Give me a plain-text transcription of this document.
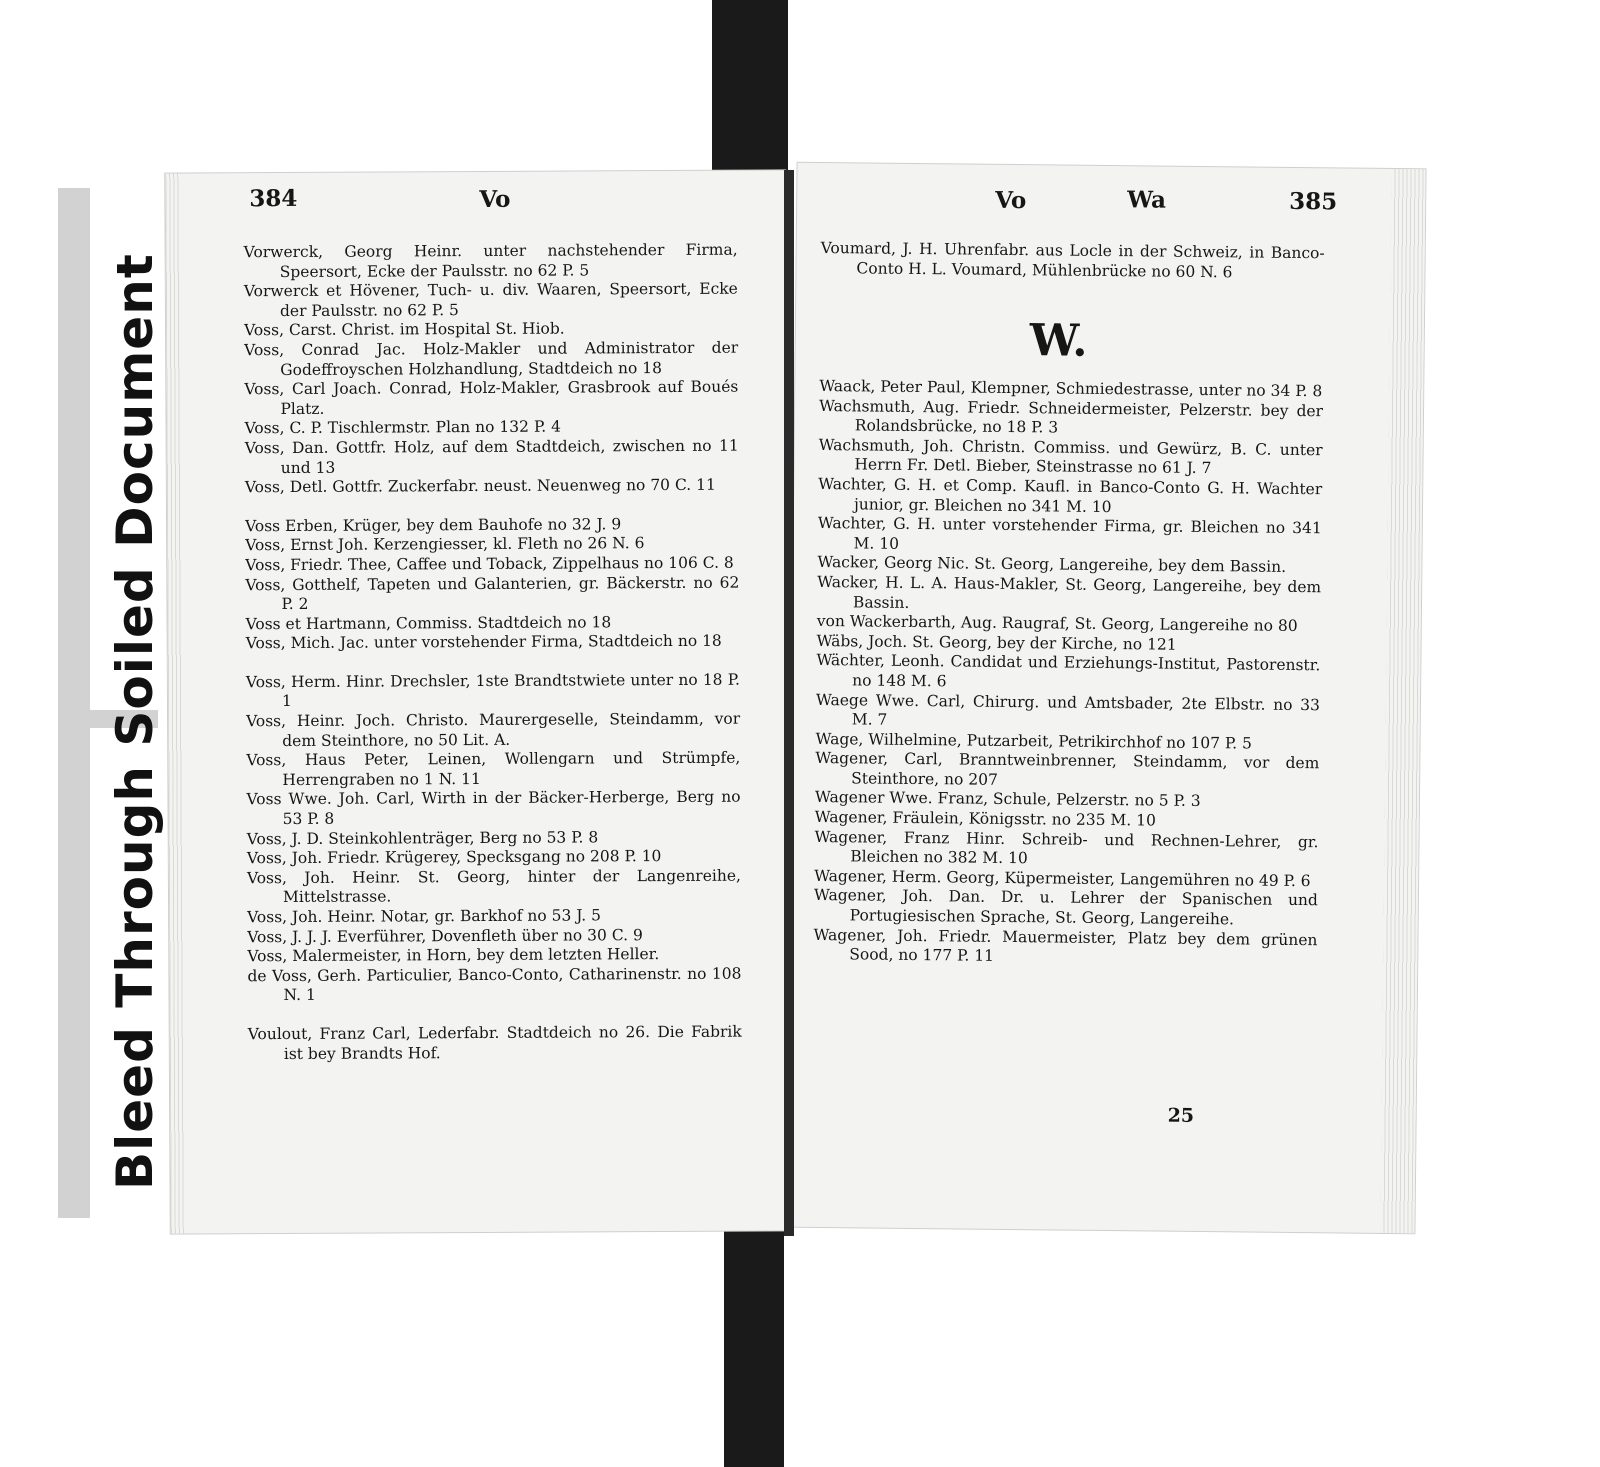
Bleed Through Soiled Document
384	Vo

Vorwerck, Georg Heinr. unter nachstehender Firma, Speersort, Ecke der Paulsstr. no 62 P. 5

Vorwerck et Hövener, Tuch- u. div. Waaren, Speersort, Ecke der Paulsstr. no 62 P. 5

Voss, Carst. Christ. im Hospital St. Hiob.

Voss, Conrad Jac. Holz-Makler und Administrator der Godeffroyschen Holzhandlung, Stadtdeich no 18

Voss, Carl Joach. Conrad, Holz-Makler, Grasbrook auf Boués Platz.

Voss, C. P. Tischlermstr. Plan no 132 P. 4

Voss, Dan. Gottfr. Holz, auf dem Stadtdeich, zwischen no 11 und 13

Voss, Detl. Gottfr. Zuckerfabr. neust. Neuenweg no 70 C. 11

Voss Erben, Krüger, bey dem Bauhofe no 32 J. 9

Voss, Ernst Joh. Kerzengiesser, kl. Fleth no 26 N. 6

Voss, Friedr. Thee, Caffee und Toback, Zippelhaus no 106 C. 8

Voss, Gotthelf, Tapeten und Galanterien, gr. Bäckerstr. no 62 P. 2

Voss et Hartmann, Commiss. Stadtdeich no 18

Voss, Mich. Jac. unter vorstehender Firma, Stadtdeich no 18

Voss, Herm. Hinr. Drechsler, 1ste Brandtstwiete unter no 18 P. 1

Voss, Heinr. Joch. Christo. Maurergeselle, Steindamm, vor dem Steinthore, no 50 Lit. A.

Voss, Haus Peter, Leinen, Wollengarn und Strümpfe, Herrengraben no 1 N. 11

Voss Wwe. Joh. Carl, Wirth in der Bäcker-Herberge, Berg no 53 P. 8

Voss, J. D. Steinkohlenträger, Berg no 53 P. 8

Voss, Joh. Friedr. Krügerey, Specksgang no 208 P. 10

Voss, Joh. Heinr. St. Georg, hinter der Langenreihe, Mittelstrasse.

Voss, Joh. Heinr. Notar, gr. Barkhof no 53 J. 5

Voss, J. J. J. Everführer, Dovenfleth über no 30 C. 9

Voss, Malermeister, in Horn, bey dem letzten Heller.

de Voss, Gerh. Particulier, Banco-Conto, Catharinenstr. no 108 N. 1

Voulout, Franz Carl, Lederfabr. Stadtdeich no 26. Die Fabrik ist bey Brandts Hof.

Vo	Wa	385

Voumard, J. H. Uhrenfabr. aus Locle in der Schweiz, in Banco-Conto H. L. Voumard, Mühlenbrücke no 60 N. 6

W.

Waack, Peter Paul, Klempner, Schmiedestrasse, unter no 34 P. 8

Wachsmuth, Aug. Friedr. Schneidermeister, Pelzerstr. bey der Rolandsbrücke, no 18 P. 3

Wachsmuth, Joh. Christn. Commiss. und Gewürz, B. C. unter Herrn Fr. Detl. Bieber, Steinstrasse no 61 J. 7

Wachter, G. H. et Comp. Kaufl. in Banco-Conto G. H. Wachter junior, gr. Bleichen no 341 M. 10

Wachter, G. H. unter vorstehender Firma, gr. Bleichen no 341 M. 10

Wacker, Georg Nic. St. Georg, Langereihe, bey dem Bassin.

Wacker, H. L. A. Haus-Makler, St. Georg, Langereihe, bey dem Bassin.

von Wackerbarth, Aug. Raugraf, St. Georg, Langereihe no 80

Wäbs, Joch. St. Georg, bey der Kirche, no 121

Wächter, Leonh. Candidat und Erziehungs-Institut, Pastorenstr. no 148 M. 6

Waege Wwe. Carl, Chirurg. und Amtsbader, 2te Elbstr. no 33 M. 7

Wage, Wilhelmine, Putzarbeit, Petrikirchhof no 107 P. 5

Wagener, Carl, Branntweinbrenner, Steindamm, vor dem Steinthore, no 207

Wagener Wwe. Franz, Schule, Pelzerstr. no 5 P. 3

Wagener, Fräulein, Königsstr. no 235 M. 10

Wagener, Franz Hinr. Schreib- und Rechnen-Lehrer, gr. Bleichen no 382 M. 10

Wagener, Herm. Georg, Küpermeister, Langemühren no 49 P. 6

Wagener, Joh. Dan. Dr. u. Lehrer der Spanischen und Portugiesischen Sprache, St. Georg, Langereihe.

Wagener, Joh. Friedr. Mauermeister, Platz bey dem grünen Sood, no 177 P. 11

25
